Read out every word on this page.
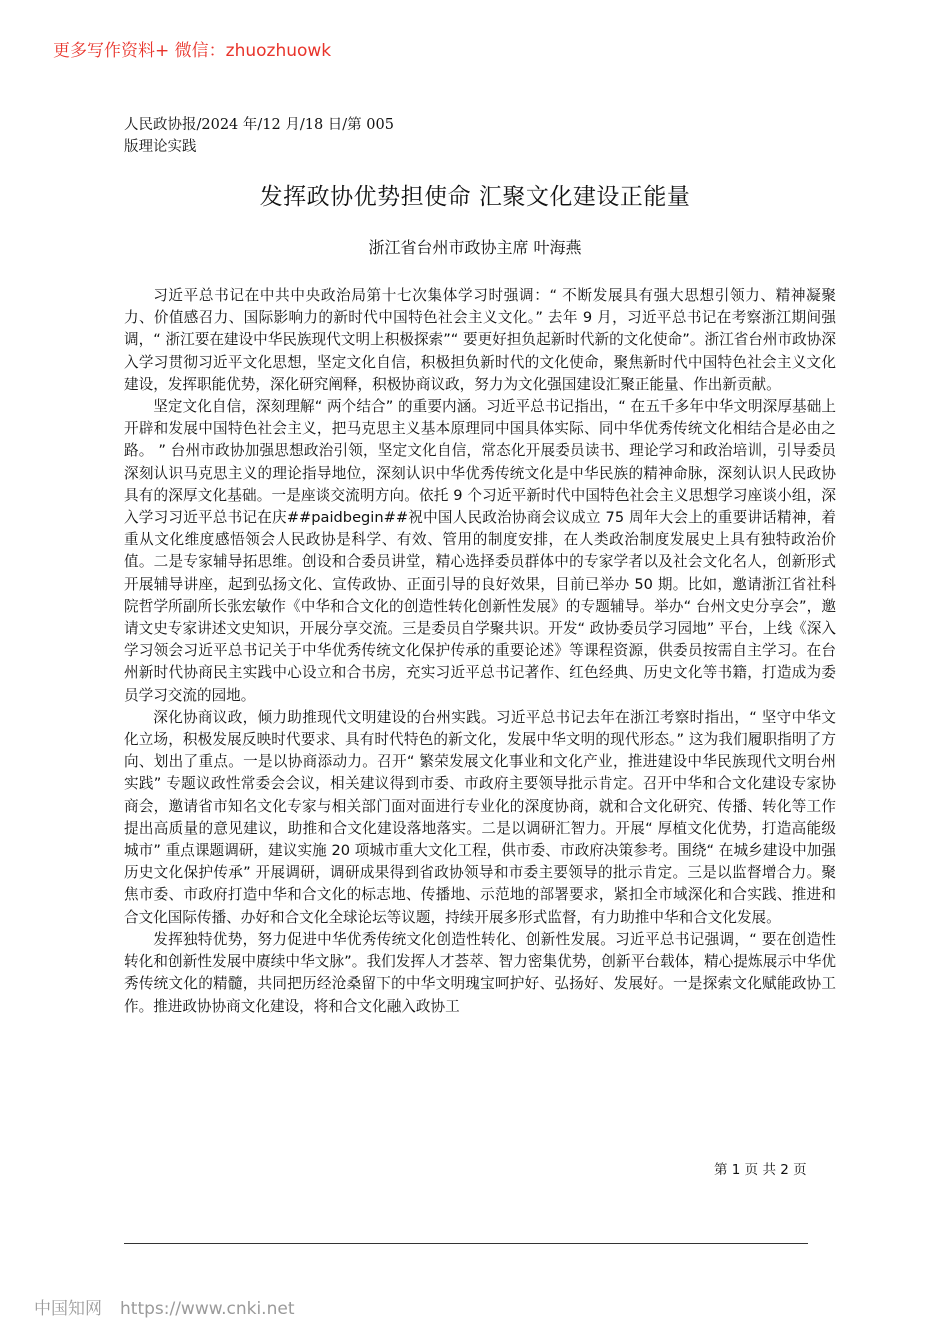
更多写作资料+ 微信：zhuozhuowk
人民政协报/2024 年/12 月/18 日/第 005
版理论实践
发挥政协优势担使命 汇聚文化建设正能量
浙江省台州市政协主席 叶海燕

习近平总书记在中共中央政治局第十七次集体学习时强调：“ 不断发展具有强大思想引领力、精神凝聚力、价值感召力、国际影响力的新时代中国特色社会主义文化。” 去年 9 月，习近平总书记在考察浙江期间强调，“ 浙江要在建设中华民族现代文明上积极探索”“ 要更好担负起新时代新的文化使命”。浙江省台州市政协深入学习贯彻习近平文化思想，坚定文化自信，积极担负新时代的文化使命，聚焦新时代中国特色社会主义文化建设，发挥职能优势，深化研究阐释，积极协商议政，努力为文化强国建设汇聚正能量、作出新贡献。

坚定文化自信，深刻理解“ 两个结合” 的重要内涵。习近平总书记指出，“ 在五千多年中华文明深厚基础上开辟和发展中国特色社会主义，把马克思主义基本原理同中国具体实际、同中华优秀传统文化相结合是必由之路。 ” 台州市政协加强思想政治引领，坚定文化自信，常态化开展委员读书、理论学习和政治培训，引导委员深刻认识马克思主义的理论指导地位，深刻认识中华优秀传统文化是中华民族的精神命脉，深刻认识人民政协具有的深厚文化基础。一是座谈交流明方向。依托 9 个习近平新时代中国特色社会主义思想学习座谈小组，深入学习习近平总书记在庆##paidbegin##祝中国人民政治协商会议成立 75 周年大会上的重要讲话精神，着重从文化维度感悟领会人民政协是科学、有效、管用的制度安排，在人类政治制度发展史上具有独特政治价值。二是专家辅导拓思维。创设和合委员讲堂，精心选择委员群体中的专家学者以及社会文化名人，创新形式开展辅导讲座，起到弘扬文化、宣传政协、正面引导的良好效果，目前已举办 50 期。比如，邀请浙江省社科院哲学所副所长张宏敏作《中华和合文化的创造性转化创新性发展》的专题辅导。举办“ 台州文史分享会”，邀请文史专家讲述文史知识，开展分享交流。三是委员自学聚共识。开发“ 政协委员学习园地” 平台，上线《深入学习领会习近平总书记关于中华优秀传统文化保护传承的重要论述》等课程资源，供委员按需自主学习。在台州新时代协商民主实践中心设立和合书房，充实习近平总书记著作、红色经典、历史文化等书籍，打造成为委员学习交流的园地。

深化协商议政，倾力助推现代文明建设的台州实践。习近平总书记去年在浙江考察时指出，“ 坚守中华文化立场，积极发展反映时代要求、具有时代特色的新文化，发展中华文明的现代形态。” 这为我们履职指明了方向、划出了重点。一是以协商添动力。召开“ 繁荣发展文化事业和文化产业，推进建设中华民族现代文明台州实践” 专题议政性常委会会议，相关建议得到市委、市政府主要领导批示肯定。召开中华和合文化建设专家协商会，邀请省市知名文化专家与相关部门面对面进行专业化的深度协商，就和合文化研究、传播、转化等工作提出高质量的意见建议，助推和合文化建设落地落实。二是以调研汇智力。开展“ 厚植文化优势，打造高能级城市” 重点课题调研，建议实施 20 项城市重大文化工程，供市委、市政府决策参考。围绕“ 在城乡建设中加强历史文化保护传承” 开展调研，调研成果得到省政协领导和市委主要领导的批示肯定。三是以监督增合力。聚焦市委、市政府打造中华和合文化的标志地、传播地、示范地的部署要求，紧扣全市域深化和合实践、推进和合文化国际传播、办好和合文化全球论坛等议题，持续开展多形式监督，有力助推中华和合文化发展。

发挥独特优势，努力促进中华优秀传统文化创造性转化、创新性发展。习近平总书记强调，“ 要在创造性转化和创新性发展中赓续中华文脉”。我们发挥人才荟萃、智力密集优势，创新平台载体，精心提炼展示中华优秀传统文化的精髓，共同把历经沧桑留下的中华文明瑰宝呵护好、弘扬好、发展好。一是探索文化赋能政协工作。推进政协协商文化建设，将和合文化融入政协工

第 1 页 共 2 页
中国知网 https://www.cnki.net
